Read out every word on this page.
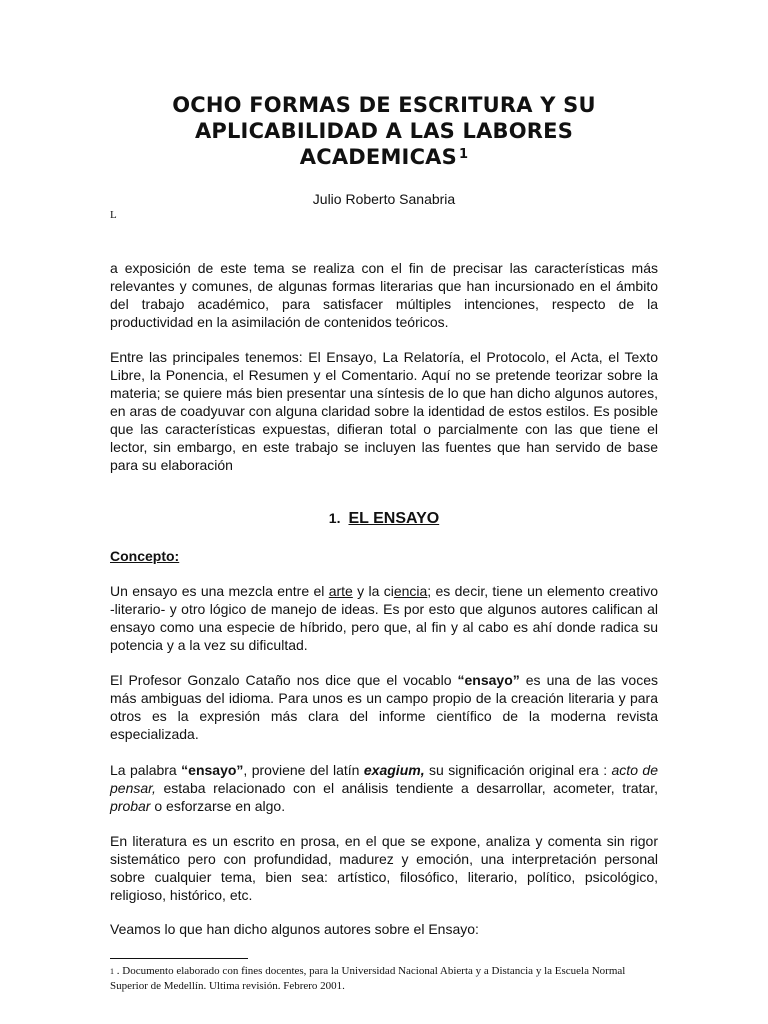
OCHO FORMAS DE ESCRITURA Y SU APLICABILIDAD A LAS LABORES ACADEMICAS $^1$
Julio Roberto Sanabria
L

a exposición de este tema se realiza con el fin de precisar las características más relevantes y comunes, de algunas formas literarias que han incursionado en el ámbito del trabajo académico, para satisfacer múltiples intenciones, respecto de la productividad en la asimilación de contenidos teóricos.

Entre las principales tenemos: El Ensayo, La Relatoría, el Protocolo, el Acta, el Texto Libre, la Ponencia, el Resumen y el Comentario. Aquí no se pretende teorizar sobre la materia; se quiere más bien presentar una síntesis de lo que han dicho algunos autores, en aras de coadyuvar con alguna claridad sobre la identidad de estos estilos. Es posible que las características expuestas, difieran total o parcialmente con las que tiene el lector, sin embargo, en este trabajo se incluyen las fuentes que han servido de base para su elaboración

1. EL ENSAYO
Concepto:

Un ensayo es una mezcla entre el arte y la ciencia; es decir, tiene un elemento creativo -literario- y otro lógico de manejo de ideas. Es por esto que algunos autores califican al ensayo como una especie de híbrido, pero que, al fin y al cabo es ahí donde radica su potencia y a la vez su dificultad.

El Profesor Gonzalo Cataño nos dice que el vocablo “ensayo” es una de las voces más ambiguas del idioma. Para unos es un campo propio de la creación literaria y para otros es la expresión más clara del informe científico de la moderna revista especializada.

La palabra “ensayo”, proviene del latín exagium, su significación original era : acto de pensar, estaba relacionado con el análisis tendiente a desarrollar, acometer, tratar, probar o esforzarse en algo.

En literatura es un escrito en prosa, en el que se expone, analiza y comenta sin rigor sistemático pero con profundidad, madurez y emoción, una interpretación personal sobre cualquier tema, bien sea: artístico, filosófico, literario, político, psicológico, religioso, histórico, etc.

Veamos lo que han dicho algunos autores sobre el Ensayo:

$^1$ . Documento elaborado con fines docentes, para la Universidad Nacional Abierta y a Distancia y la Escuela Normal Superior de Medellín. Ultima revisión. Febrero 2001.
